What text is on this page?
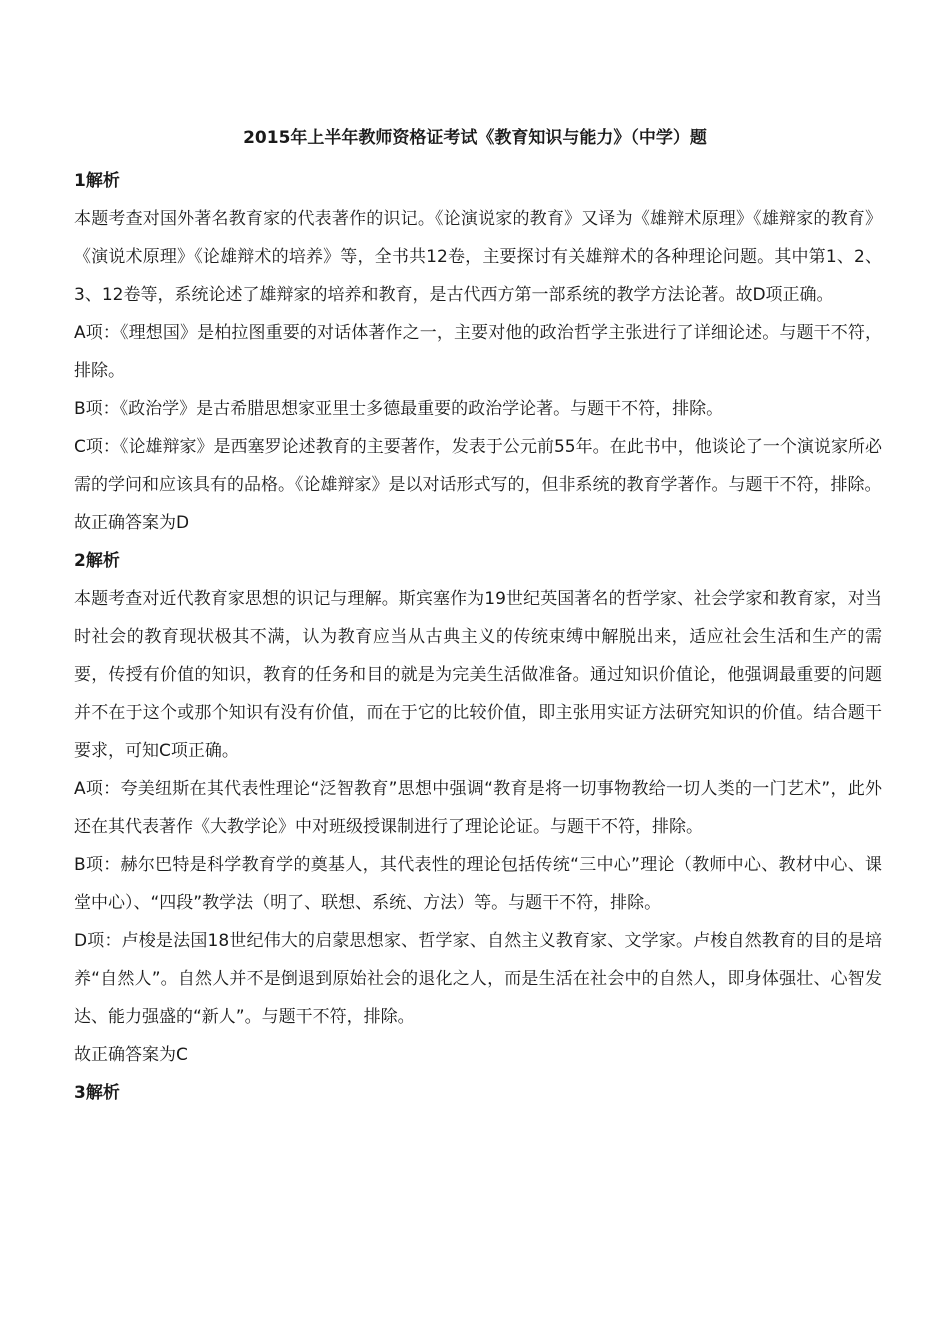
2015年上半年教师资格证考试《教育知识与能力》（中学）题

1解析

本题考查对国外著名教育家的代表著作的识记。《论演说家的教育》又译为《雄辩术原理》《雄辩家的教育》《演说术原理》《论雄辩术的培养》等，全书共12卷，主要探讨有关雄辩术的各种理论问题。其中第1、2、3、12卷等，系统论述了雄辩家的培养和教育，是古代西方第一部系统的教学方法论著。故D项正确。

A项：《理想国》是柏拉图重要的对话体著作之一，主要对他的政治哲学主张进行了详细论述。与题干不符，排除。

B项：《政治学》是古希腊思想家亚里士多德最重要的政治学论著。与题干不符，排除。

C项：《论雄辩家》是西塞罗论述教育的主要著作，发表于公元前55年。在此书中，他谈论了一个演说家所必需的学问和应该具有的品格。《论雄辩家》是以对话形式写的，但非系统的教育学著作。与题干不符，排除。

故正确答案为D

2解析

本题考查对近代教育家思想的识记与理解。斯宾塞作为19世纪英国著名的哲学家、社会学家和教育家，对当时社会的教育现状极其不满，认为教育应当从古典主义的传统束缚中解脱出来，适应社会生活和生产的需要，传授有价值的知识，教育的任务和目的就是为完美生活做准备。通过知识价值论，他强调最重要的问题并不在于这个或那个知识有没有价值，而在于它的比较价值，即主张用实证方法研究知识的价值。结合题干要求，可知C项正确。

A项：夸美纽斯在其代表性理论“泛智教育”思想中强调“教育是将一切事物教给一切人类的一门艺术”，此外还在其代表著作《大教学论》中对班级授课制进行了理论论证。与题干不符，排除。

B项：赫尔巴特是科学教育学的奠基人，其代表性的理论包括传统“三中心”理论（教师中心、教材中心、课堂中心）、“四段”教学法（明了、联想、系统、方法）等。与题干不符，排除。

D项：卢梭是法国18世纪伟大的启蒙思想家、哲学家、自然主义教育家、文学家。卢梭自然教育的目的是培养“自然人”。自然人并不是倒退到原始社会的退化之人，而是生活在社会中的自然人，即身体强壮、心智发达、能力强盛的“新人”。与题干不符，排除。

故正确答案为C

3解析
